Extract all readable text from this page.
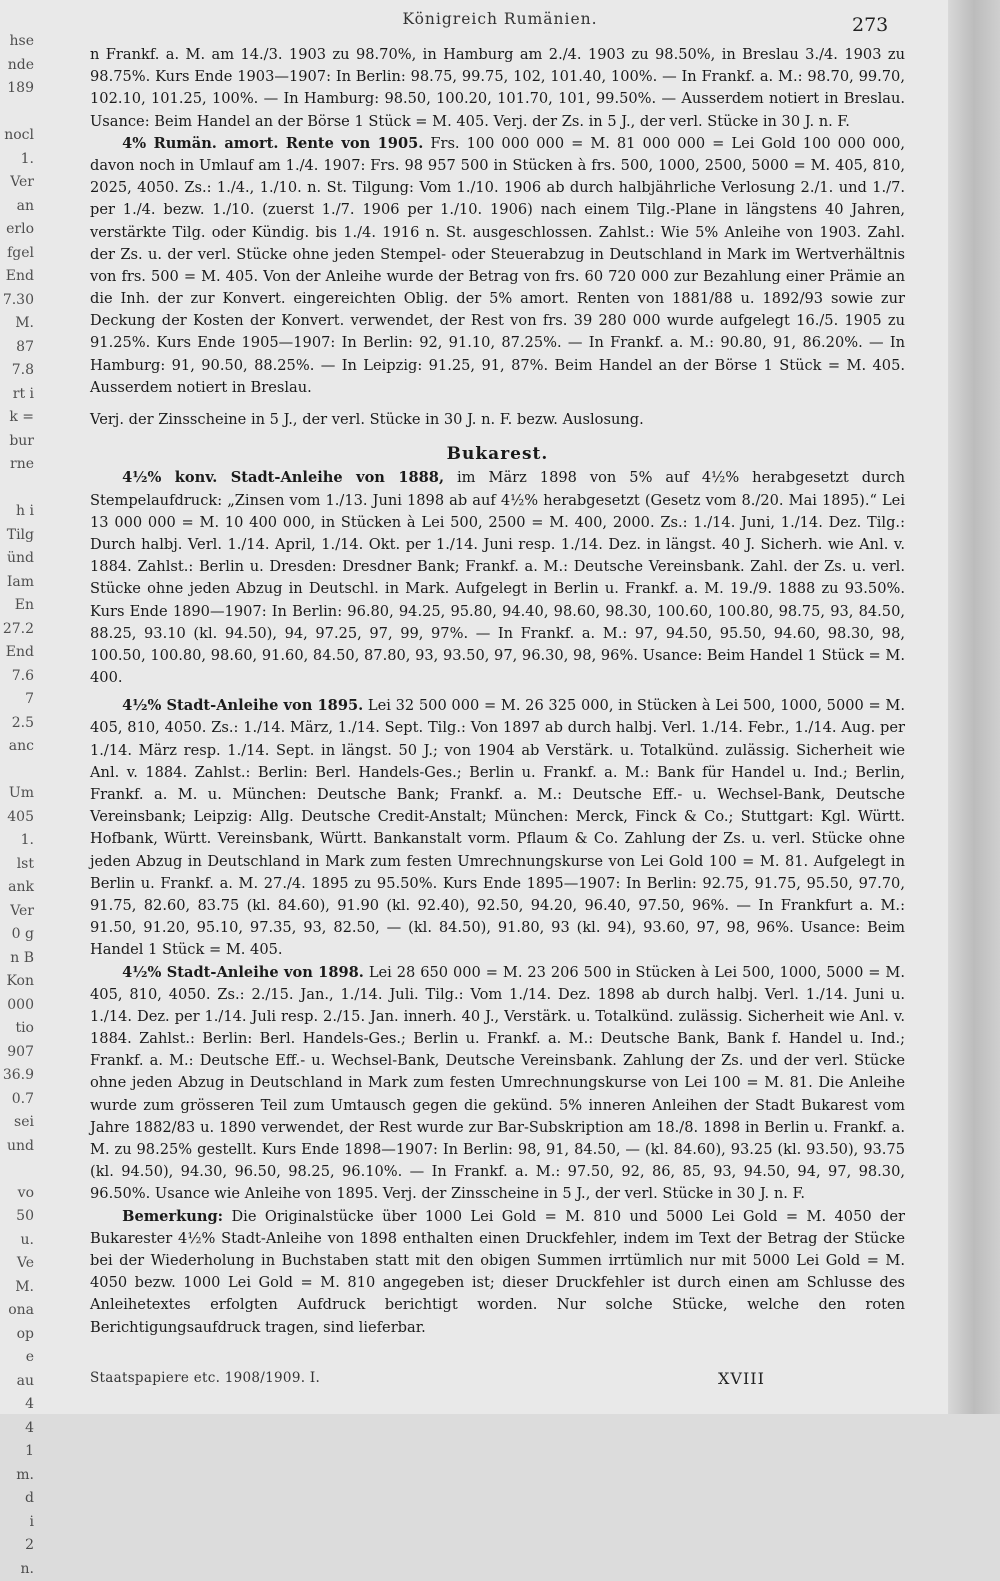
hse
nde
189
nocl
1.
Ver
an
erlo
fgel
End
7.30
M.
87
7.8
rt i
k =
bur
rne
h i
Tilg
ünd
Iam
En
27.2
End
7.6
7
2.5
anc
Um
405
1.
lst
ank
Ver
0 g
n B
Kon
000
tio
907
36.9
0.7
sei
und
vo
50
u.
Ve
M.
ona
op
e
au
4
4
1
m.
d
i
2
n.
Königreich Rumänien.	273

n Frankf. a. M. am 14./3. 1903 zu 98.70%, in Hamburg am 2./4. 1903 zu 98.50%, in Breslau 3./4. 1903 zu 98.75%. Kurs Ende 1903—1907: In Berlin: 98.75, 99.75, 102, 101.40, 100%. — In Frankf. a. M.: 98.70, 99.70, 102.10, 101.25, 100%. — In Hamburg: 98.50, 100.20, 101.70, 101, 99.50%. — Ausserdem notiert in Breslau. Usance: Beim Handel an der Börse 1 Stück = M. 405. Verj. der Zs. in 5 J., der verl. Stücke in 30 J. n. F.

4% Rumän. amort. Rente von 1905. Frs. 100 000 000 = M. 81 000 000 = Lei Gold 100 000 000, davon noch in Umlauf am 1./4. 1907: Frs. 98 957 500 in Stücken à frs. 500, 1000, 2500, 5000 = M. 405, 810, 2025, 4050. Zs.: 1./4., 1./10. n. St. Tilgung: Vom 1./10. 1906 ab durch halbjährliche Verlosung 2./1. und 1./7. per 1./4. bezw. 1./10. (zuerst 1./7. 1906 per 1./10. 1906) nach einem Tilg.-Plane in längstens 40 Jahren, verstärkte Tilg. oder Kündig. bis 1./4. 1916 n. St. ausgeschlossen. Zahlst.: Wie 5% Anleihe von 1903. Zahl. der Zs. u. der verl. Stücke ohne jeden Stempel- oder Steuerabzug in Deutschland in Mark im Wertverhältnis von frs. 500 = M. 405. Von der Anleihe wurde der Betrag von frs. 60 720 000 zur Bezahlung einer Prämie an die Inh. der zur Konvert. eingereichten Oblig. der 5% amort. Renten von 1881/88 u. 1892/93 sowie zur Deckung der Kosten der Konvert. verwendet, der Rest von frs. 39 280 000 wurde aufgelegt 16./5. 1905 zu 91.25%. Kurs Ende 1905—1907: In Berlin: 92, 91.10, 87.25%. — In Frankf. a. M.: 90.80, 91, 86.20%. — In Hamburg: 91, 90.50, 88.25%. — In Leipzig: 91.25, 91, 87%. Beim Handel an der Börse 1 Stück = M. 405. Ausserdem notiert in Breslau.

Verj. der Zinsscheine in 5 J., der verl. Stücke in 30 J. n. F. bezw. Auslosung.

Bukarest.

4½% konv. Stadt-Anleihe von 1888, im März 1898 von 5% auf 4½% herabgesetzt durch Stempelaufdruck: „Zinsen vom 1./13. Juni 1898 ab auf 4½% herabgesetzt (Gesetz vom 8./20. Mai 1895).“ Lei 13 000 000 = M. 10 400 000, in Stücken à Lei 500, 2500 = M. 400, 2000. Zs.: 1./14. Juni, 1./14. Dez. Tilg.: Durch halbj. Verl. 1./14. April, 1./14. Okt. per 1./14. Juni resp. 1./14. Dez. in längst. 40 J. Sicherh. wie Anl. v. 1884. Zahlst.: Berlin u. Dresden: Dresdner Bank; Frankf. a. M.: Deutsche Vereinsbank. Zahl. der Zs. u. verl. Stücke ohne jeden Abzug in Deutschl. in Mark. Aufgelegt in Berlin u. Frankf. a. M. 19./9. 1888 zu 93.50%. Kurs Ende 1890—1907: In Berlin: 96.80, 94.25, 95.80, 94.40, 98.60, 98.30, 100.60, 100.80, 98.75, 93, 84.50, 88.25, 93.10 (kl. 94.50), 94, 97.25, 97, 99, 97%. — In Frankf. a. M.: 97, 94.50, 95.50, 94.60, 98.30, 98, 100.50, 100.80, 98.60, 91.60, 84.50, 87.80, 93, 93.50, 97, 96.30, 98, 96%. Usance: Beim Handel 1 Stück = M. 400.

4½% Stadt-Anleihe von 1895. Lei 32 500 000 = M. 26 325 000, in Stücken à Lei 500, 1000, 5000 = M. 405, 810, 4050. Zs.: 1./14. März, 1./14. Sept. Tilg.: Von 1897 ab durch halbj. Verl. 1./14. Febr., 1./14. Aug. per 1./14. März resp. 1./14. Sept. in längst. 50 J.; von 1904 ab Verstärk. u. Totalkünd. zulässig. Sicherheit wie Anl. v. 1884. Zahlst.: Berlin: Berl. Handels-Ges.; Berlin u. Frankf. a. M.: Bank für Handel u. Ind.; Berlin, Frankf. a. M. u. München: Deutsche Bank; Frankf. a. M.: Deutsche Eff.- u. Wechsel-Bank, Deutsche Vereinsbank; Leipzig: Allg. Deutsche Credit-Anstalt; München: Merck, Finck & Co.; Stuttgart: Kgl. Württ. Hofbank, Württ. Vereinsbank, Württ. Bankanstalt vorm. Pflaum & Co. Zahlung der Zs. u. verl. Stücke ohne jeden Abzug in Deutschland in Mark zum festen Umrechnungskurse von Lei Gold 100 = M. 81. Aufgelegt in Berlin u. Frankf. a. M. 27./4. 1895 zu 95.50%. Kurs Ende 1895—1907: In Berlin: 92.75, 91.75, 95.50, 97.70, 91.75, 82.60, 83.75 (kl. 84.60), 91.90 (kl. 92.40), 92.50, 94.20, 96.40, 97.50, 96%. — In Frankfurt a. M.: 91.50, 91.20, 95.10, 97.35, 93, 82.50, — (kl. 84.50), 91.80, 93 (kl. 94), 93.60, 97, 98, 96%. Usance: Beim Handel 1 Stück = M. 405.

4½% Stadt-Anleihe von 1898. Lei 28 650 000 = M. 23 206 500 in Stücken à Lei 500, 1000, 5000 = M. 405, 810, 4050. Zs.: 2./15. Jan., 1./14. Juli. Tilg.: Vom 1./14. Dez. 1898 ab durch halbj. Verl. 1./14. Juni u. 1./14. Dez. per 1./14. Juli resp. 2./15. Jan. innerh. 40 J., Verstärk. u. Totalkünd. zulässig. Sicherheit wie Anl. v. 1884. Zahlst.: Berlin: Berl. Handels-Ges.; Berlin u. Frankf. a. M.: Deutsche Bank, Bank f. Handel u. Ind.; Frankf. a. M.: Deutsche Eff.- u. Wechsel-Bank, Deutsche Vereinsbank. Zahlung der Zs. und der verl. Stücke ohne jeden Abzug in Deutschland in Mark zum festen Umrechnungskurse von Lei 100 = M. 81. Die Anleihe wurde zum grösseren Teil zum Umtausch gegen die gekünd. 5% inneren Anleihen der Stadt Bukarest vom Jahre 1882/83 u. 1890 verwendet, der Rest wurde zur Bar-Subskription am 18./8. 1898 in Berlin u. Frankf. a. M. zu 98.25% gestellt. Kurs Ende 1898—1907: In Berlin: 98, 91, 84.50, — (kl. 84.60), 93.25 (kl. 93.50), 93.75 (kl. 94.50), 94.30, 96.50, 98.25, 96.10%. — In Frankf. a. M.: 97.50, 92, 86, 85, 93, 94.50, 94, 97, 98.30, 96.50%. Usance wie Anleihe von 1895. Verj. der Zinsscheine in 5 J., der verl. Stücke in 30 J. n. F.

Bemerkung: Die Originalstücke über 1000 Lei Gold = M. 810 und 5000 Lei Gold = M. 4050 der Bukarester 4½% Stadt-Anleihe von 1898 enthalten einen Druckfehler, indem im Text der Betrag der Stücke bei der Wiederholung in Buchstaben statt mit den obigen Summen irrtümlich nur mit 5000 Lei Gold = M. 4050 bezw. 1000 Lei Gold = M. 810 angegeben ist; dieser Druckfehler ist durch einen am Schlusse des Anleihetextes erfolgten Aufdruck berichtigt worden. Nur solche Stücke, welche den roten Berichtigungsaufdruck tragen, sind lieferbar.

Staatspapiere etc. 1908/1909. I.	XVIII
